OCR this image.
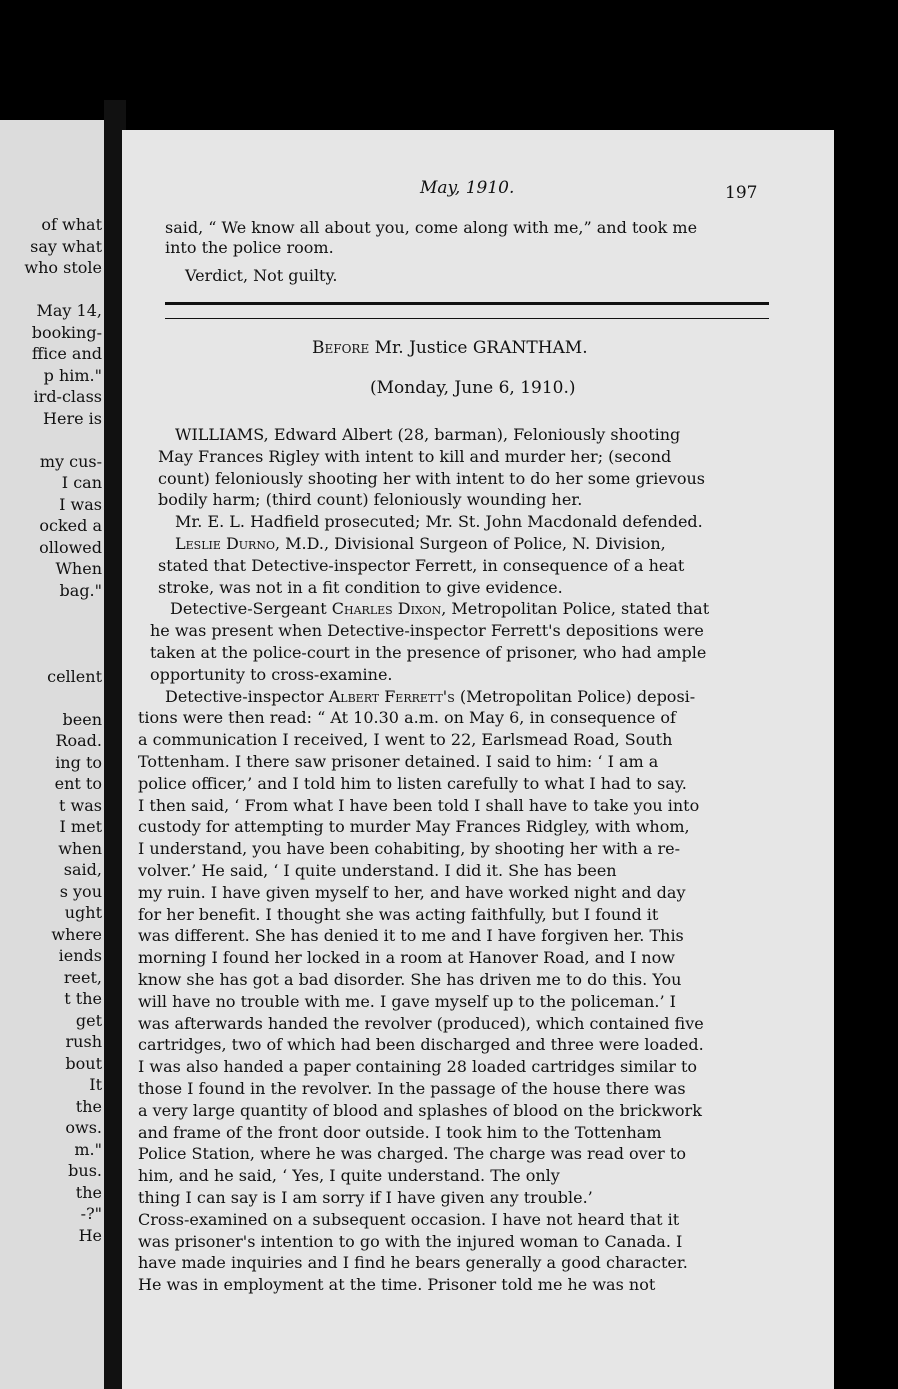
of what
say what
who stole
May 14,
booking-
ffice and
p him."
ird-class
Here is
my cus-
I can
I was
ocked a
ollowed
When
bag."
cellent
been
Road.
ing to
ent to
t was
I met
when
said,
s you
ught
where
iends
reet,
t the
get
rush
bout
It
the
ows.
m."
bus.
the
-?"
He
May, 1910.	197
said, “ We know all about you, come along with me,” and took me
into the police room.
Verdict, Not guilty.
Before Mr. Justice GRANTHAM.
(Monday, June 6, 1910.)
WILLIAMS, Edward Albert (28, barman), Feloniously shooting
May Frances Rigley with intent to kill and murder her; (second
count) feloniously shooting her with intent to do her some grievous
bodily harm; (third count) feloniously wounding her.
Mr. E. L. Hadfield prosecuted; Mr. St. John Macdonald defended.
Leslie Durno, M.D., Divisional Surgeon of Police, N. Division,
stated that Detective-inspector Ferrett, in consequence of a heat
stroke, was not in a fit condition to give evidence.
Detective-Sergeant Charles Dixon, Metropolitan Police, stated that
he was present when Detective-inspector Ferrett's depositions were
taken at the police-court in the presence of prisoner, who had ample
opportunity to cross-examine.
Detective-inspector Albert Ferrett's (Metropolitan Police) deposi-
tions were then read: “ At 10.30 a.m. on May 6, in consequence of
a communication I received, I went to 22, Earlsmead Road, South
Tottenham. I there saw prisoner detained. I said to him: ‘ I am a
police officer,’ and I told him to listen carefully to what I had to say.
I then said, ‘ From what I have been told I shall have to take you into
custody for attempting to murder May Frances Ridgley, with whom,
I understand, you have been cohabiting, by shooting her with a re-
volver.’ He said, ‘ I quite understand. I did it. She has been
my ruin. I have given myself to her, and have worked night and day
for her benefit. I thought she was acting faithfully, but I found it
was different. She has denied it to me and I have forgiven her. This
morning I found her locked in a room at Hanover Road, and I now
know she has got a bad disorder. She has driven me to do this. You
will have no trouble with me. I gave myself up to the policeman.’ I
was afterwards handed the revolver (produced), which contained five
cartridges, two of which had been discharged and three were loaded.
I was also handed a paper containing 28 loaded cartridges similar to
those I found in the revolver. In the passage of the house there was
a very large quantity of blood and splashes of blood on the brickwork
and frame of the front door outside. I took him to the Tottenham
Police Station, where he was charged. The charge was read over to
him, and he said, ‘ Yes, I quite understand. The only
thing I can say is I am sorry if I have given any trouble.’
Cross-examined on a subsequent occasion. I have not heard that it
was prisoner's intention to go with the injured woman to Canada. I
have made inquiries and I find he bears generally a good character.
He was in employment at the time. Prisoner told me he was not
